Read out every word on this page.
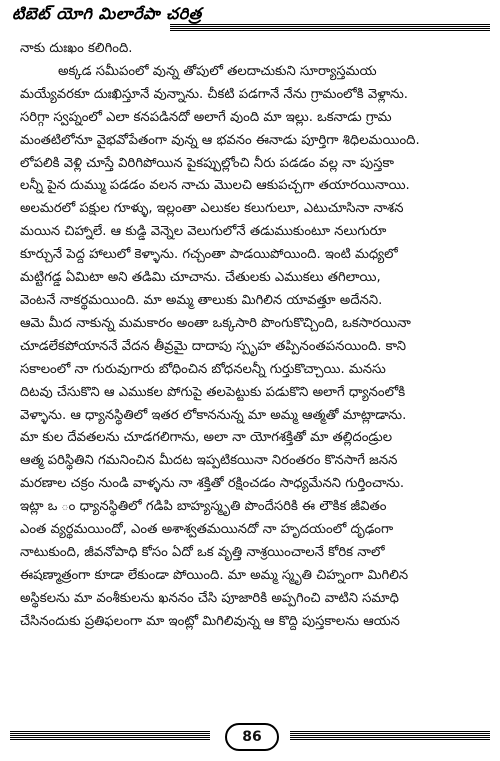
టిబెట్ యోగి మిలారేపా చరిత్ర
నాకు దుఃఖం కలిగింది.
అక్కడ సమీపంలో వున్న తోపులో తలదాచుకుని సూర్యాస్తమయ
మయ్యేవరకూ దుఃఖిస్తూనే వున్నాను. చీకటి పడగానే నేను గ్రామంలోకి వెళ్లాను.
సరిగ్గా స్వప్నంలో ఎలా కనపడినదో అలాగే వుంది మా ఇల్లు. ఒకనాడు గ్రామ
మంతటిలోనూ వైభవోపేతంగా వున్న ఆ భవనం ఈనాడు పూర్తిగా శిధిలమయింది.
లోపలికి వెళ్లి చూస్తే విరిగిపోయిన పైకప్పుల్లోంచి నీరు పడడం వల్ల నా పుస్తకా
లన్నీ పైన దుమ్ము పడడం వలన నాచు మొలచి ఆకుపచ్చగా తయారయినాయి.
అలమరలో పక్షుల గూళ్ళు, ఇల్లంతా ఎలుకల కలుగులూ, ఎటుచూసినా నాశన
మయిన చిహ్నాలే. ఆ కుడ్డి వెన్నెల వెలుగులోనే తడుముకుంటూ నలుగురూ
కూర్చునే పెద్ద హాలులో కెళ్ళాను. గచ్చంతా పాడయిపోయింది. ఇంటి మధ్యలో
మట్టిగడ్డ ఏమిటా అని తడిమి చూచాను. చేతులకు ఎముకలు తగిలాయి,
వెంటనే నాకర్థమయింది. మా అమ్మ తాలుకు మిగిలిన యావత్తూ అదేనని.
ఆమె మీద నాకున్న మమకారం అంతా ఒక్కసారి పొంగుకొచ్చింది, ఒకసారయినా
చూడలేకపోయాననే వేదన తీవ్రమై దాదాపు స్పృహ తప్పినంతపనయింది. కాని
సకాలంలో నా గురువుగారు బోధించిన బోధనలన్నీ గుర్తుకొచ్చాయి. మనసు
దిటవు చేసుకొని ఆ ఎముకల పోగుపై తలపెట్టుకు పడుకొని అలాగే ధ్యానంలోకి
వెళ్ళాను. ఆ ధ్యానస్థితిలో ఇతర లోకాననున్న మా అమ్మ ఆత్మతో మాట్లాడాను.
మా కుల దేవతలను చూడగలిగాను, అలా నా యోగశక్తితో మా తల్లిదండ్రుల
ఆత్మ పరిస్థితిని గమనించిన మీదట ఇప్పటికయినా నిరంతరం కొనసాగే జనన
మరణాల చక్రం నుండి వాళ్ళను నా శక్తితో రక్షించడం సాధ్యమేనని గుర్తించాను.
ఇట్లా ఒ ం ధ్యానస్థితిలో గడిపి బాహ్యస్మృతి పొందేసరికి ఈ లౌకిక జీవితం
ఎంత వ్యర్థమయిందో, ఎంత అశాశ్వతమయినదో నా హృదయంలో దృఢంగా
నాటుకుంది, జీవనోపాధి కోసం ఏదో ఒక వృత్తి నాశ్రయించాలనే కోరిక నాలో
ఈషణ్మాత్రంగా కూడా లేకుండా పోయింది. మా అమ్మ స్మృతి చిహ్నంగా మిగిలిన
అస్థికలను మా వంశీకులను ఖననం చేసి పూజారికి అప్పగించి వాటిని సమాధి
చేసినందుకు ప్రతిఫలంగా మా ఇంట్లో మిగిలివున్న ఆ కొద్ది పుస్తకాలను ఆయన
86
